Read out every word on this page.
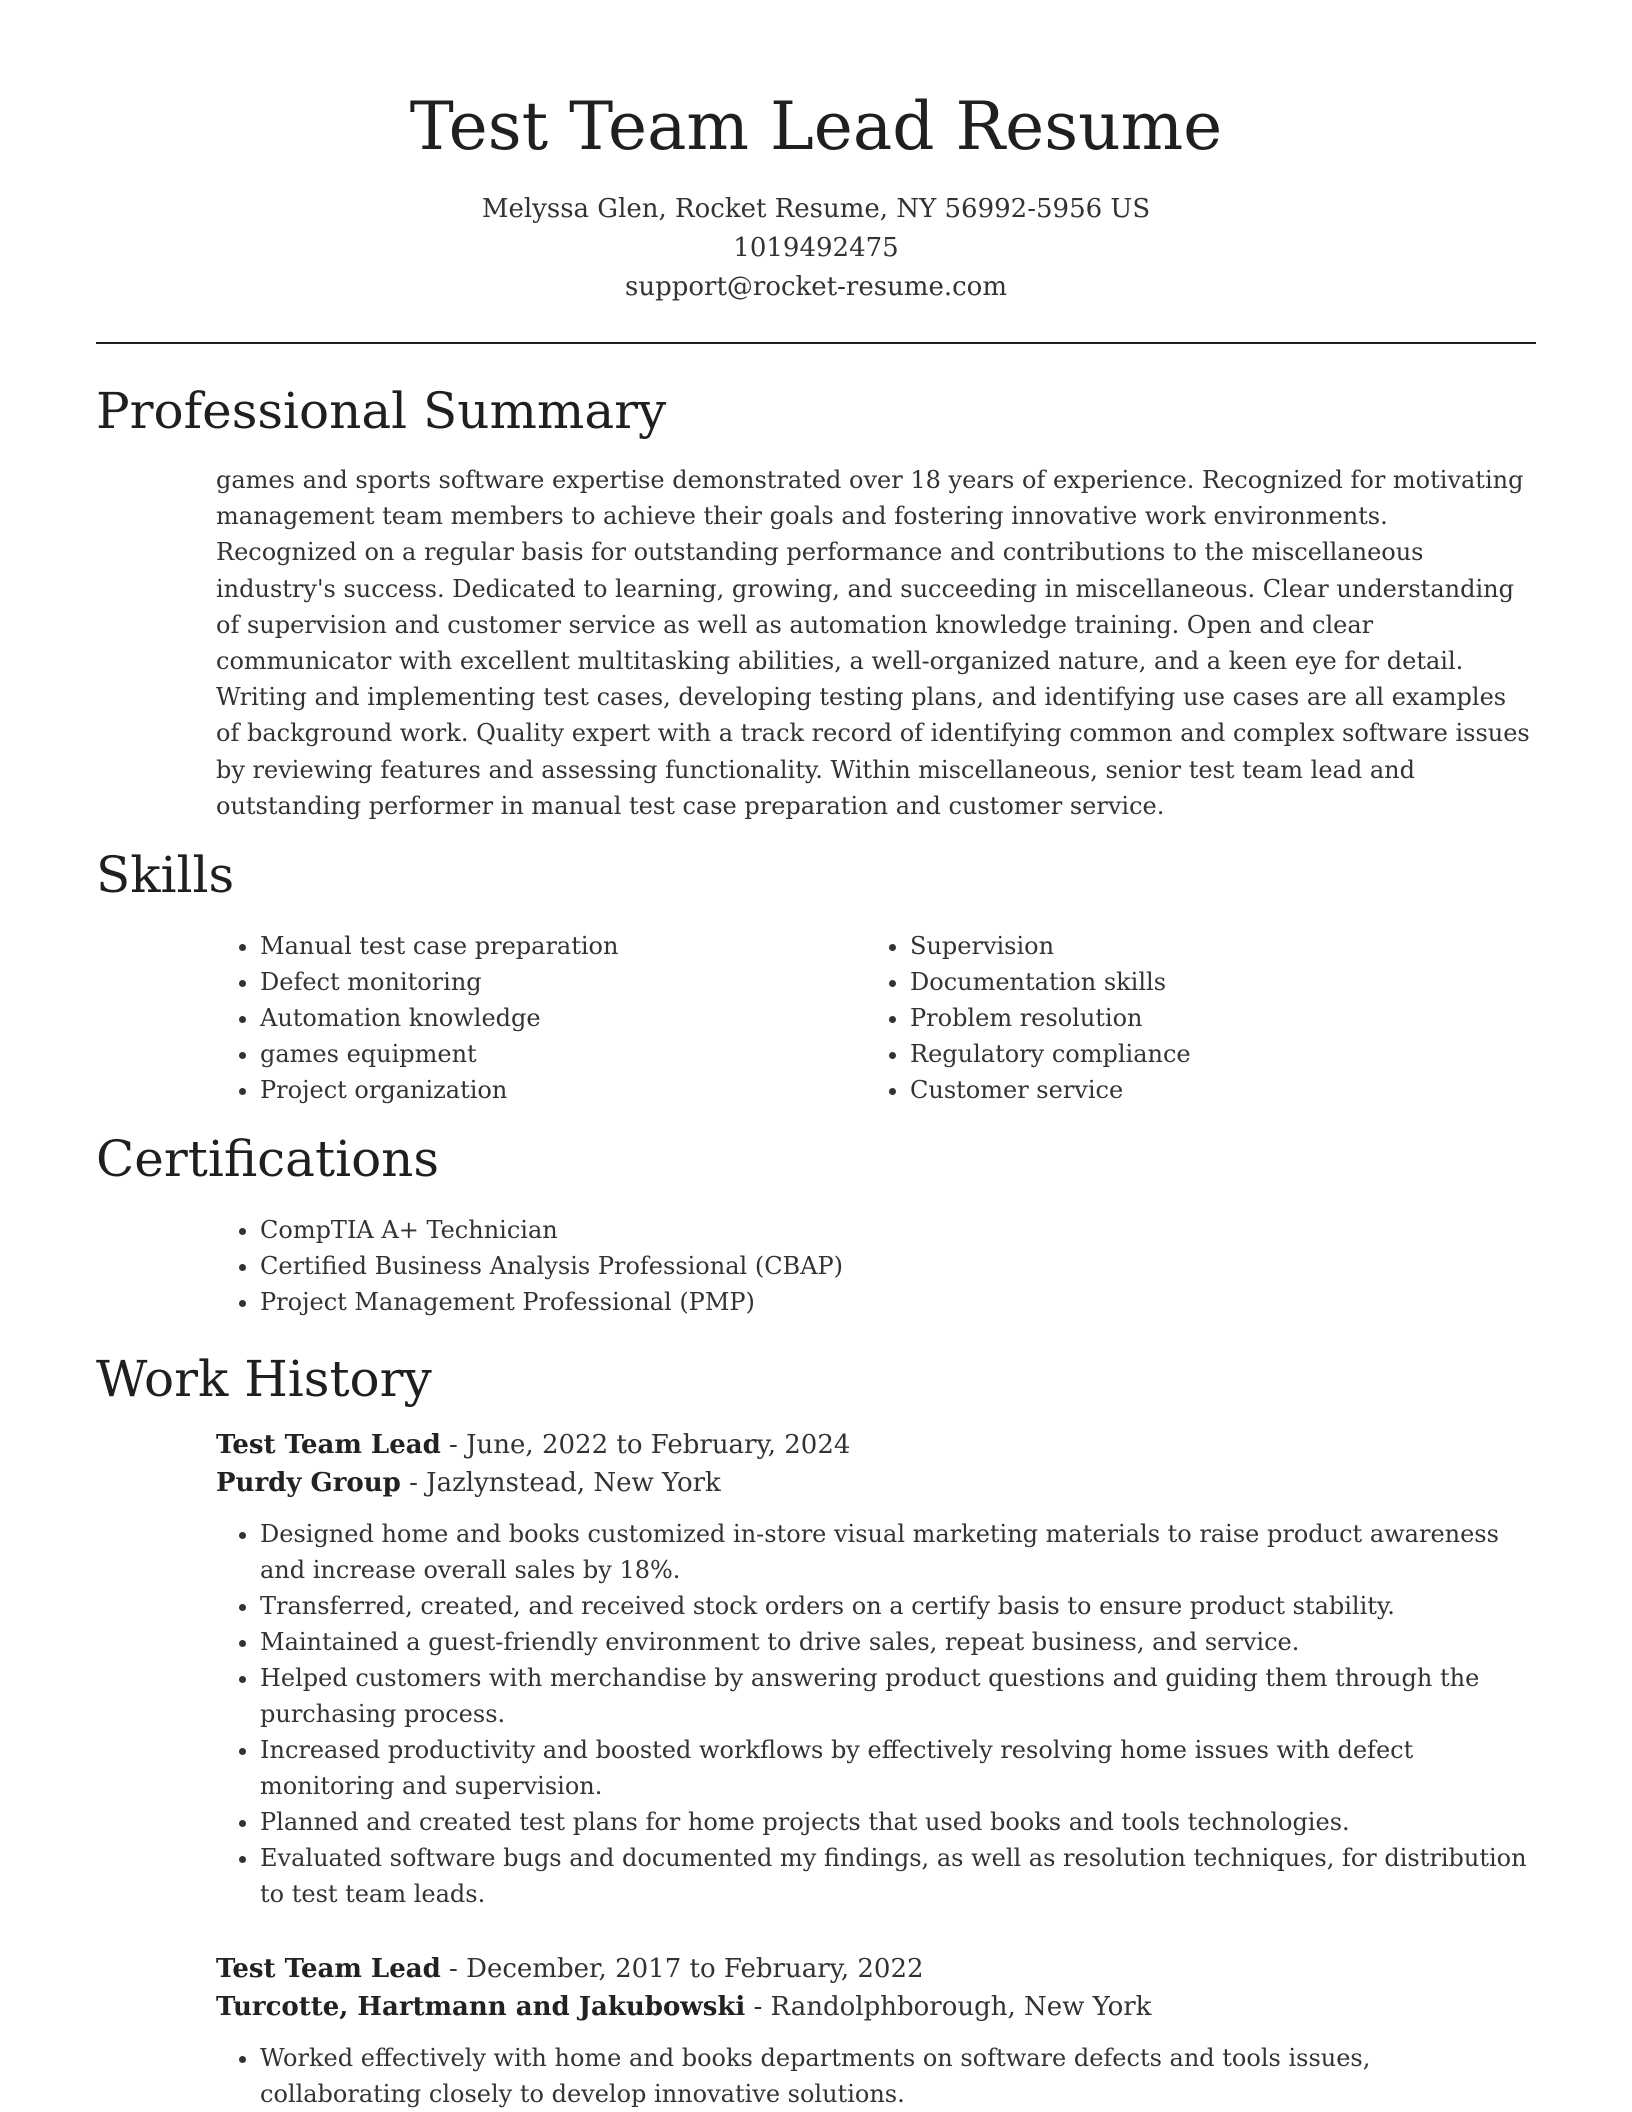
Test Team Lead Resume
Melyssa Glen, Rocket Resume, NY 56992-5956 US
1019492475
support@rocket-resume.com
Professional Summary

games and sports software expertise demonstrated over 18 years of experience. Recognized for motivating management team members to achieve their goals and fostering innovative work environments. Recognized on a regular basis for outstanding performance and contributions to the miscellaneous industry's success. Dedicated to learning, growing, and succeeding in miscellaneous. Clear understanding of supervision and customer service as well as automation knowledge training. Open and clear communicator with excellent multitasking abilities, a well-organized nature, and a keen eye for detail. Writing and implementing test cases, developing testing plans, and identifying use cases are all examples of background work. Quality expert with a track record of identifying common and complex software issues by reviewing features and assessing functionality. Within miscellaneous, senior test team lead and outstanding performer in manual test case preparation and customer service.

Skills
• Manual test case preparation
• Defect monitoring
• Automation knowledge
• games equipment
• Project organization
• Supervision
• Documentation skills
• Problem resolution
• Regulatory compliance
• Customer service
Certifications
• CompTIA A+ Technician
• Certified Business Analysis Professional (CBAP)
• Project Management Professional (PMP)
Work History
Test Team Lead - June, 2022 to February, 2024
Purdy Group - Jazlynstead, New York
• Designed home and books customized in-store visual marketing materials to raise product awareness and increase overall sales by 18%.
• Transferred, created, and received stock orders on a certify basis to ensure product stability.
• Maintained a guest-friendly environment to drive sales, repeat business, and service.
• Helped customers with merchandise by answering product questions and guiding them through the purchasing process.
• Increased productivity and boosted workflows by effectively resolving home issues with defect monitoring and supervision.
• Planned and created test plans for home projects that used books and tools technologies.
• Evaluated software bugs and documented my findings, as well as resolution techniques, for distribution to test team leads.
Test Team Lead - December, 2017 to February, 2022
Turcotte, Hartmann and Jakubowski - Randolphborough, New York
• Worked effectively with home and books departments on software defects and tools issues, collaborating closely to develop innovative solutions.
